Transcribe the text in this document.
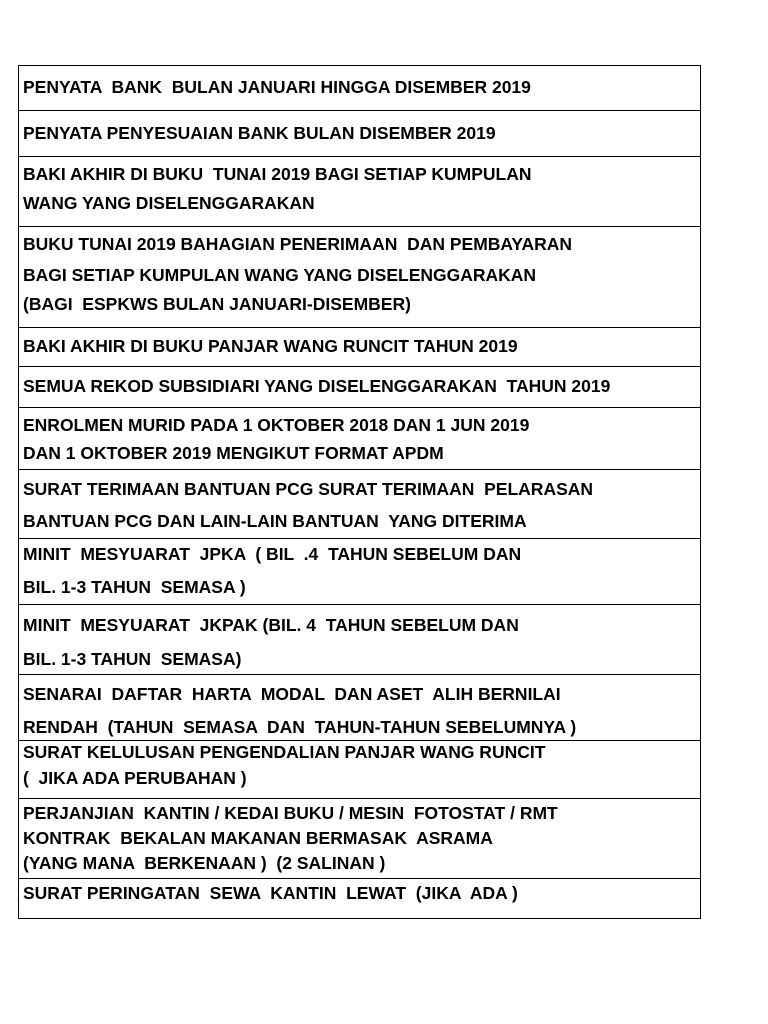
PENYATA  BANK  BULAN JANUARI HINGGA DISEMBER 2019
PENYATA PENYESUAIAN BANK BULAN DISEMBER 2019
BAKI AKHIR DI BUKU  TUNAI 2019 BAGI SETIAP KUMPULAN
WANG YANG DISELENGGARAKAN
BUKU TUNAI 2019 BAHAGIAN PENERIMAAN  DAN PEMBAYARAN
BAGI SETIAP KUMPULAN WANG YANG DISELENGGARAKAN
(BAGI  ESPKWS BULAN JANUARI-DISEMBER)
BAKI AKHIR DI BUKU PANJAR WANG RUNCIT TAHUN 2019
SEMUA REKOD SUBSIDIARI YANG DISELENGGARAKAN  TAHUN 2019
ENROLMEN MURID PADA 1 OKTOBER 2018 DAN 1 JUN 2019
DAN 1 OKTOBER 2019 MENGIKUT FORMAT APDM
SURAT TERIMAAN BANTUAN PCG SURAT TERIMAAN  PELARASAN
BANTUAN PCG DAN LAIN-LAIN BANTUAN  YANG DITERIMA
MINIT  MESYUARAT  JPKA  ( BIL  .4  TAHUN SEBELUM DAN
BIL. 1-3 TAHUN  SEMASA )
MINIT  MESYUARAT  JKPAK (BIL. 4  TAHUN SEBELUM DAN
BIL. 1-3 TAHUN  SEMASA)
SENARAI  DAFTAR  HARTA  MODAL  DAN ASET  ALIH BERNILAI
RENDAH  (TAHUN  SEMASA  DAN  TAHUN-TAHUN SEBELUMNYA )
SURAT KELULUSAN PENGENDALIAN PANJAR WANG RUNCIT
(  JIKA ADA PERUBAHAN )
PERJANJIAN  KANTIN / KEDAI BUKU / MESIN  FOTOSTAT / RMT
KONTRAK  BEKALAN MAKANAN BERMASAK  ASRAMA
(YANG MANA  BERKENAAN )  (2 SALINAN )
SURAT PERINGATAN  SEWA  KANTIN  LEWAT  (JIKA  ADA )
